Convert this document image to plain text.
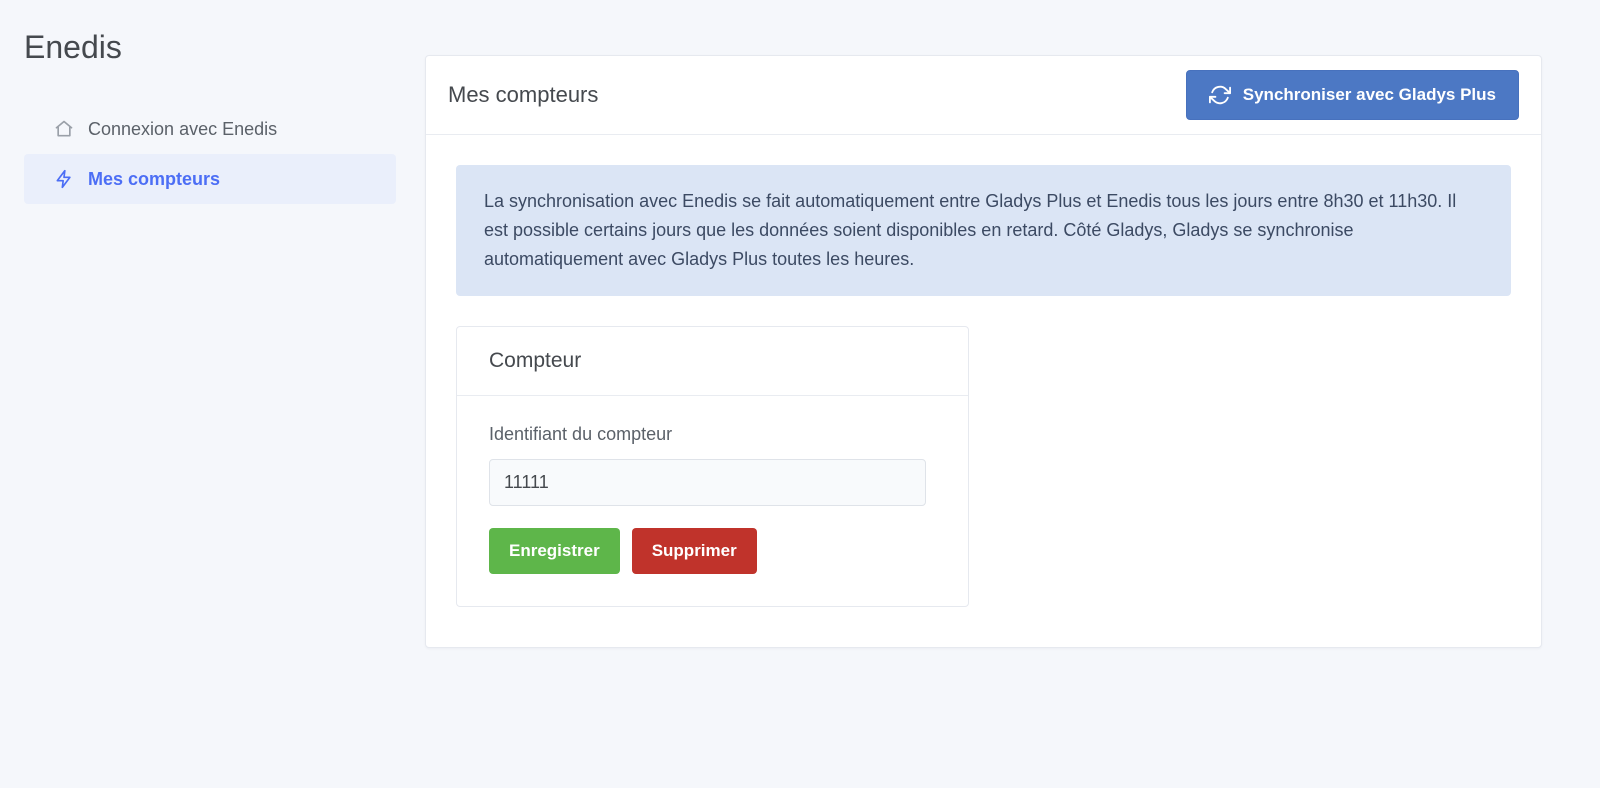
Enedis
Connexion avec Enedis
Mes compteurs
Mes compteurs	Synchroniser avec Gladys Plus
La synchronisation avec Enedis se fait automatiquement entre Gladys Plus et Enedis tous les jours entre 8h30 et 11h30. Il est possible certains jours que les données soient disponibles en retard. Côté Gladys, Gladys se synchronise automatiquement avec Gladys Plus toutes les heures.
Compteur
Identifiant du compteur
11111
Enregistrer	Supprimer
